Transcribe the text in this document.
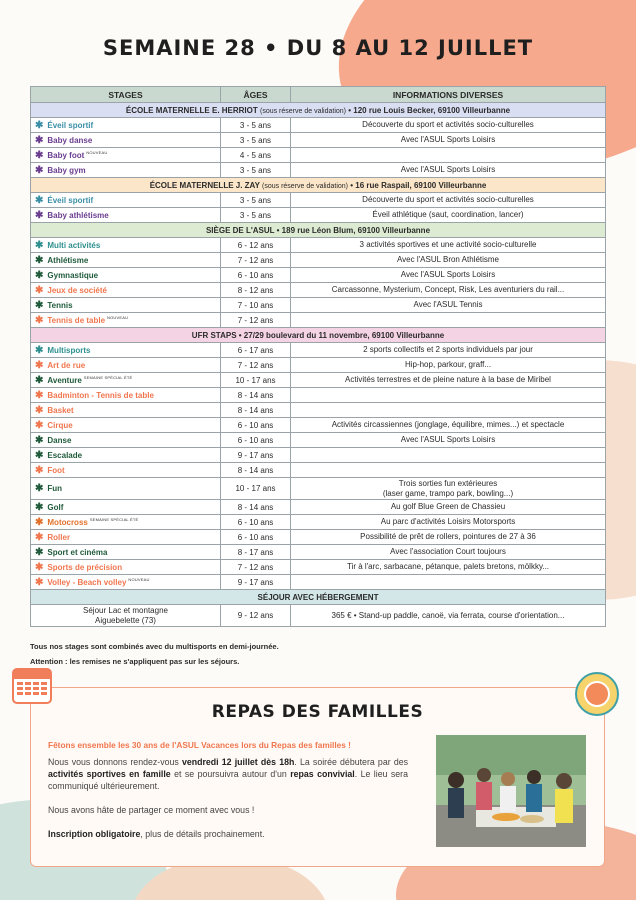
SEMAINE 28 • DU 8 AU 12 JUILLET
STAGES	ÂGES	INFORMATIONS DIVERSES
ÉCOLE MATERNELLE E. HERRIOT (sous réserve de validation) • 120 rue Louis Becker, 69100 Villeurbanne		
✱ Éveil sportif	3 - 5 ans	Découverte du sport et activités socio-culturelles
✱ Baby danse	3 - 5 ans	Avec l'ASUL Sports Loisirs
✱ Baby foot $^{NOUVEAU}$	4 - 5 ans	
✱ Baby gym	3 - 5 ans	Avec l'ASUL Sports Loisirs
ÉCOLE MATERNELLE J. ZAY (sous réserve de validation) • 16 rue Raspail, 69100 Villeurbanne		
✱ Éveil sportif	3 - 5 ans	Découverte du sport et activités socio-culturelles
✱ Baby athlétisme	3 - 5 ans	Éveil athlétique (saut, coordination, lancer)
SIÈGE DE L'ASUL • 189 rue Léon Blum, 69100 Villeurbanne		
✱ Multi activités	6 - 12 ans	3 activités sportives et une activité socio-culturelle
✱ Athlétisme	7 - 12 ans	Avec l'ASUL Bron Athlétisme
✱ Gymnastique	6 - 10 ans	Avec l'ASUL Sports Loisirs
✱ Jeux de société	8 - 12 ans	Carcassonne, Mysterium, Concept, Risk, Les aventuriers du rail...
✱ Tennis	7 - 10 ans	Avec l'ASUL Tennis
✱ Tennis de table $^{NOUVEAU}$	7 - 12 ans	
UFR STAPS • 27/29 boulevard du 11 novembre, 69100 Villeurbanne		
✱ Multisports	6 - 17 ans	2 sports collectifs et 2 sports individuels par jour
✱ Art de rue	7 - 12 ans	Hip-hop, parkour, graff...
✱ Aventure $^{SEMAINE SPÉCIAL ÉTÉ}$	10 - 17 ans	Activités terrestres et de pleine nature à la base de Miribel
✱ Badminton - Tennis de table	8 - 14 ans	
✱ Basket	8 - 14 ans	
✱ Cirque	6 - 10 ans	Activités circassiennes (jonglage, équilibre, mimes...) et spectacle
✱ Danse	6 - 10 ans	Avec l'ASUL Sports Loisirs
✱ Escalade	9 - 17 ans	
✱ Foot	8 - 14 ans	
✱ Fun	10 - 17 ans	Trois sorties fun extérieures
(laser game, trampo park, bowling...)
✱ Golf	8 - 14 ans	Au golf Blue Green de Chassieu
✱ Motocross $^{SEMAINE SPÉCIAL ÉTÉ}$	6 - 10 ans	Au parc d'activités Loisirs Motorsports
✱ Roller	6 - 10 ans	Possibilité de prêt de rollers, pointures de 27 à 36
✱ Sport et cinéma	8 - 17 ans	Avec l'association Court toujours
✱ Sports de précision	7 - 12 ans	Tir à l'arc, sarbacane, pétanque, palets bretons, mölkky...
✱ Volley - Beach volley $^{NOUVEAU}$	9 - 17 ans	
SÉJOUR AVEC HÉBERGEMENT		
Séjour Lac et montagne
Aiguebelette (73)	9 - 12 ans	365 € • Stand-up paddle, canoë, via ferrata, course d'orientation...
Tous nos stages sont combinés avec du multisports en demi-journée.
Attention : les remises ne s'appliquent pas sur les séjours.
REPAS DES FAMILLES
Fêtons ensemble les 30 ans de l'ASUL Vacances lors du Repas des familles !

Nous vous donnons rendez-vous vendredi 12 juillet dès 18h. La soirée débutera par des activités sportives en famille et se poursuivra autour d'un repas convivial. Le lieu sera communiqué ultérieurement.

Nous avons hâte de partager ce moment avec vous !

Inscription obligatoire, plus de détails prochainement.
